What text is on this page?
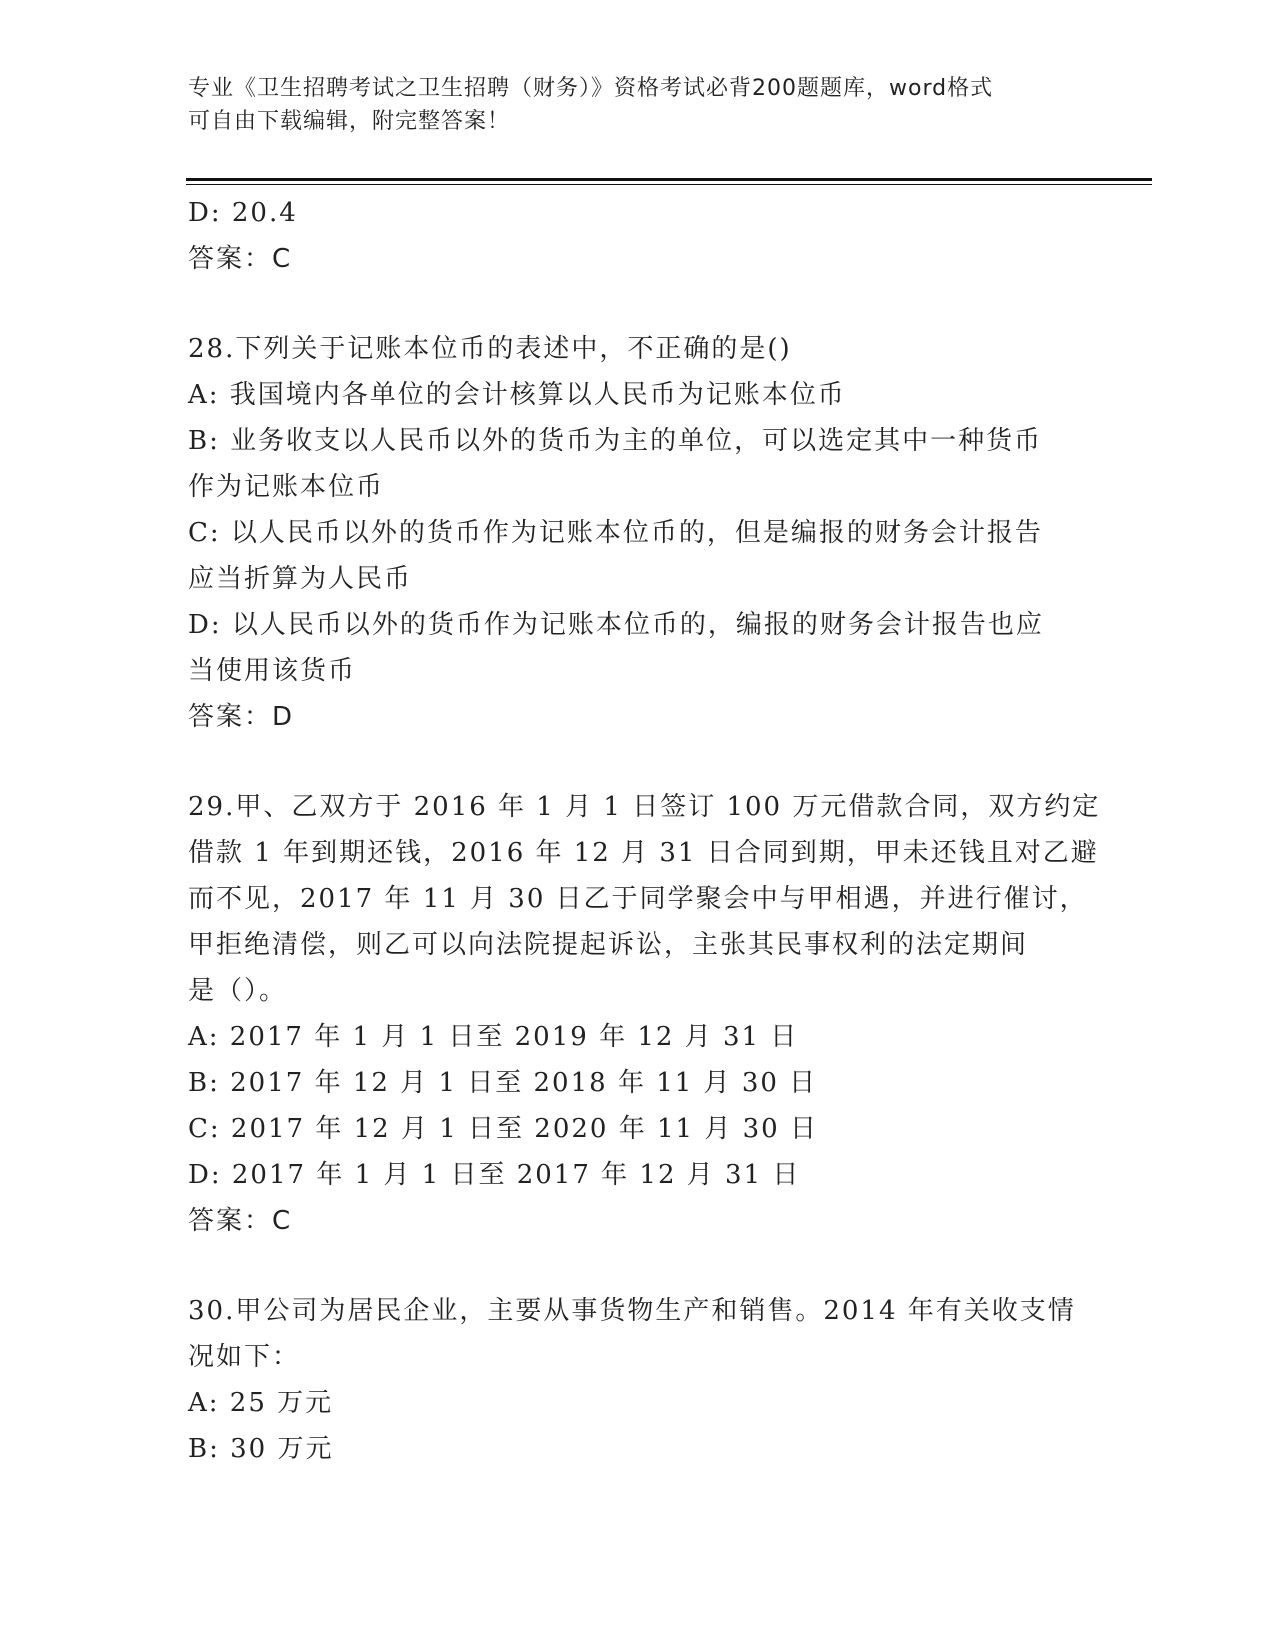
专业《卫生招聘考试之卫生招聘（财务）》资格考试必背200题题库，word格式
可自由下载编辑，附完整答案！
D: 20.4
答案：C
28.下列关于记账本位币的表述中，不正确的是()
A: 我国境内各单位的会计核算以人民币为记账本位币
B: 业务收支以人民币以外的货币为主的单位，可以选定其中一种货币
作为记账本位币
C: 以人民币以外的货币作为记账本位币的，但是编报的财务会计报告
应当折算为人民币
D: 以人民币以外的货币作为记账本位币的，编报的财务会计报告也应
当使用该货币
答案：D
29.甲、乙双方于 2016 年 1 月 1 日签订 100 万元借款合同，双方约定
借款 1 年到期还钱，2016 年 12 月 31 日合同到期，甲未还钱且对乙避
而不见，2017 年 11 月 30 日乙于同学聚会中与甲相遇，并进行催讨，
甲拒绝清偿，则乙可以向法院提起诉讼，主张其民事权利的法定期间
是（）。
A: 2017 年 1 月 1 日至 2019 年 12 月 31 日
B: 2017 年 12 月 1 日至 2018 年 11 月 30 日
C: 2017 年 12 月 1 日至 2020 年 11 月 30 日
D: 2017 年 1 月 1 日至 2017 年 12 月 31 日
答案：C
30.甲公司为居民企业，主要从事货物生产和销售。2014 年有关收支情
况如下：
A: 25 万元
B: 30 万元
